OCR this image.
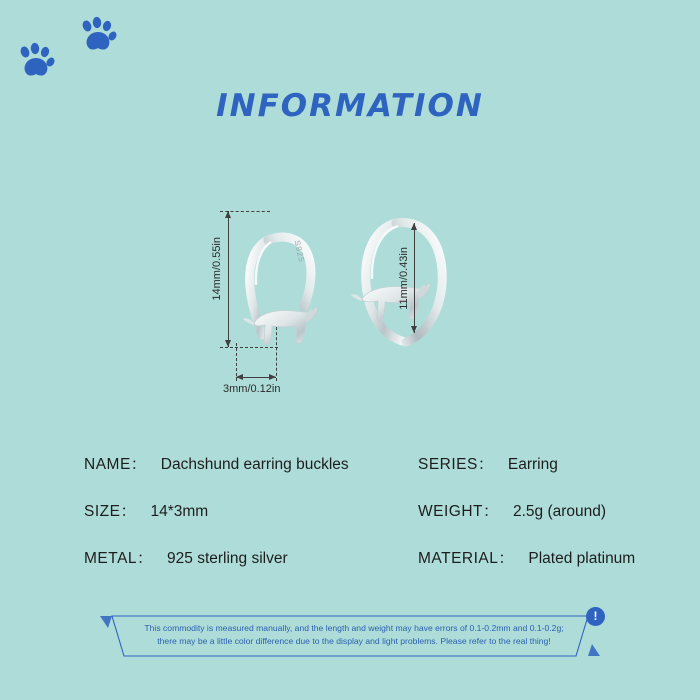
INFORMATION
S925
14mm/0.55in
3mm/0.12in
11mm/0.43in
NAME： Dachshund earring buckles	SERIES： Earring
SIZE： 14*3mm	WEIGHT： 2.5g (around)
METAL： 925 sterling silver	MATERIAL： Plated platinum
!
This commodity is measured manually, and the length and weight may have errors of 0.1-0.2mm and 0.1-0.2g;
there may be a little color difference due to the display and light problems. Please refer to the real thing!
